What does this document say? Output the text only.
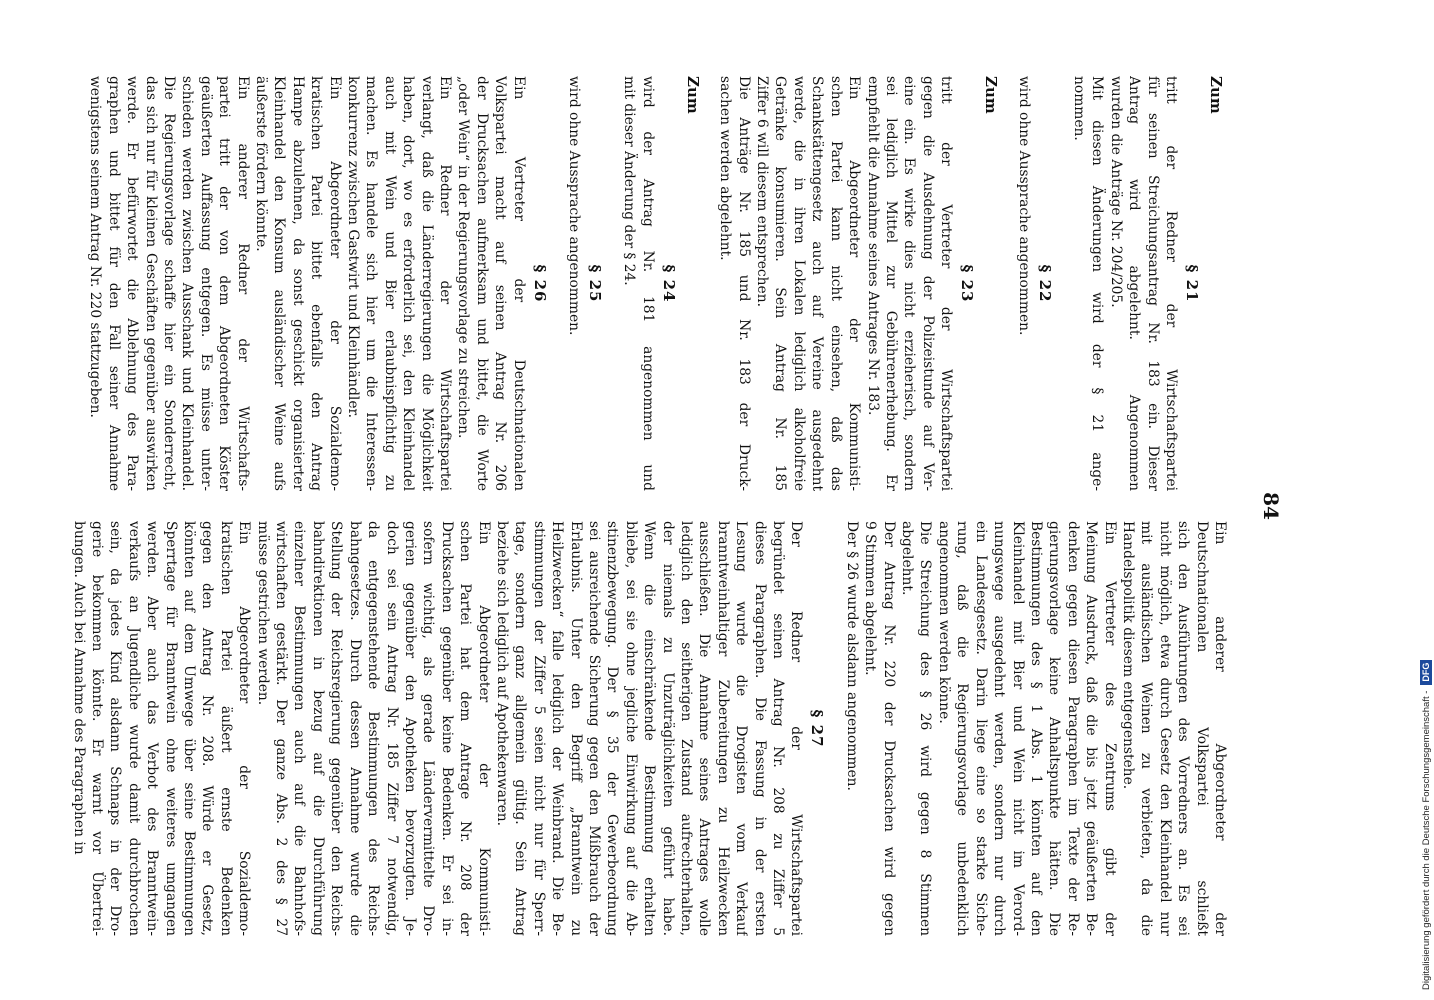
84
Zum
§ 21
tritt der Redner der Wirtschaftspartei
für seinen Streichungsantrag Nr. 183 ein. Dieser
Antrag wird abgelehnt. Angenommen
wurden die Anträge Nr. 204/205.
Mit diesen Änderungen wird der § 21 ange-
nommen.
§ 22
wird ohne Aussprache angenommen.
Zum
§ 23
tritt der Vertreter der Wirtschaftspartei
gegen die Ausdehnung der Polizeistunde auf Ver-
eine ein. Es wirke dies nicht erzieherisch, sondern
sei lediglich Mittel zur Gebührenerhebung. Er
empfiehlt die Annahme seines Antrages Nr. 183.
Ein Abgeordneter der Kommunisti-
schen Partei kann nicht einsehen, daß das
Schankstättengesetz auch auf Vereine ausgedehnt
werde, die in ihren Lokalen lediglich alkoholfreie
Getränke konsumieren. Sein Antrag Nr. 185
Ziffer 6 will diesem entsprechen.
Die Anträge Nr. 185 und Nr. 183 der Druck-
sachen werden abgelehnt.
Zum
§ 24
wird der Antrag Nr. 181 angenommen und
mit dieser Änderung der § 24.
§ 25
wird ohne Aussprache angenommen.
§ 26
Ein Vertreter der Deutschnationalen
Volkspartei macht auf seinen Antrag Nr. 206
der Drucksachen aufmerksam und bittet, die Worte
„oder Wein“ in der Regierungsvorlage zu streichen.
Ein Redner der Wirtschaftspartei
verlangt, daß die Länderregierungen die Möglichkeit
haben, dort, wo es erforderlich sei, den Kleinhandel
auch mit Wein und Bier erlaubnispflichtig zu
machen. Es handele sich hier um die Interessen-
konkurrenz zwischen Gastwirt und Kleinhändler.
Ein Abgeordneter der Sozialdemo-
kratischen Partei bittet ebenfalls den Antrag
Hampe abzulehnen, da sonst geschickt organisierter
Kleinhandel den Konsum ausländischer Weine aufs
äußerste fördern könnte.
Ein anderer Redner der Wirtschafts-
partei tritt der von dem Abgeordneten Köster
geäußerten Auffassung entgegen. Es müsse unter-
schieden werden zwischen Ausschank und Kleinhandel.
Die Regierungsvorlage schaffe hier ein Sonderrecht,
das sich nur für kleinen Geschäften gegenüber auswirken
werde. Er befürwortet die Ablehnung des Para-
graphen und bittet für den Fall seiner Annahme
wenigstens seinem Antrag Nr. 220 stattzugeben.
Ein anderer Abgeordneter der
Deutschnationalen Volkspartei schließt
sich den Ausführungen des Vorredners an. Es sei
nicht möglich, etwa durch Gesetz den Kleinhandel nur
mit ausländischen Weinen zu verbieten, da die
Handelspolitik diesem entgegenstehe.
Ein Vertreter des Zentrums gibt der
Meinung Ausdruck, daß die bis jetzt geäußerten Be-
denken gegen diesen Paragraphen im Texte der Re-
gierungsvorlage keine Anhaltspunkte hätten. Die
Bestimmungen des § 1 Abs. 1 könnten auf den
Kleinhandel mit Bier und Wein nicht im Verord-
nungswege ausgedehnt werden, sondern nur durch
ein Landesgesetz. Darin liege eine so starke Siche-
rung, daß die Regierungsvorlage unbedenklich
angenommen werden könne.
Die Streichung des § 26 wird gegen 8 Stimmen
abgelehnt.
Der Antrag Nr. 220 der Drucksachen wird gegen
9 Stimmen abgelehnt.
Der § 26 wurde alsdann angenommen.
§ 27
Der Redner der Wirtschaftspartei
begründet seinen Antrag Nr. 208 zu Ziffer 5
dieses Paragraphen. Die Fassung in der ersten
Lesung wurde die Drogisten vom Verkauf
branntweinhaltiger Zubereitungen zu Heilzwecken
ausschließen. Die Annahme seines Antrages wolle
lediglich den seitherigen Zustand aufrechterhalten,
der niemals zu Unzuträglichkeiten geführt habe.
Wenn die einschränkende Bestimmung erhalten
bliebe, sei sie ohne jegliche Einwirkung auf die Ab-
stinenzbewegung. Der § 35 der Gewerbeordnung
sei ausreichende Sicherung gegen den Mißbrauch der
Erlaubnis. Unter den Begriff „Branntwein zu
Heilzwecken“ falle lediglich der Weinbrand. Die Be-
stimmungen der Ziffer 5 seien nicht nur für Sperr-
tage, sondern ganz allgemein gültig. Sein Antrag
beziehe sich lediglich auf Apothekenwaren.
Ein Abgeordneter der Kommunisti-
schen Partei hat dem Antrage Nr. 208 der
Drucksachen gegenüber keine Bedenken. Er sei in-
sofern wichtig, als gerade Ländervermittelte Dro-
gerien gegenüber den Apotheken bevorzugten. Je-
doch sei sein Antrag Nr. 185 Ziffer 7 notwendig,
da entgegenstehende Bestimmungen des Reichs-
bahngesetzes. Durch dessen Annahme wurde die
Stellung der Reichsregierung gegenüber den Reichs-
bahndirektionen in bezug auf die Durchführung
einzelner Bestimmungen auch auf die Bahnhofs-
wirtschaften gestärkt. Der ganze Abs. 2 des § 27
müsse gestrichen werden.
Ein Abgeordneter der Sozialdemo-
kratischen Partei äußert ernste Bedenken
gegen den Antrag Nr. 208. Würde er Gesetz,
könnten auf dem Umwege über seine Bestimmungen
Sperrtage für Branntwein ohne weiteres umgangen
werden. Aber auch das Verbot des Branntwein-
verkaufs an Jugendliche wurde damit durchbrochen
sein, da jedes Kind alsdann Schnaps in der Dro-
gerie bekommen könnte. Er warnt vor Übertrei-
bungen. Auch bei Annahme des Paragraphen in	Digitalisierung gefördert durch die Deutsche Forschungsgemeinschaft -
DFG
